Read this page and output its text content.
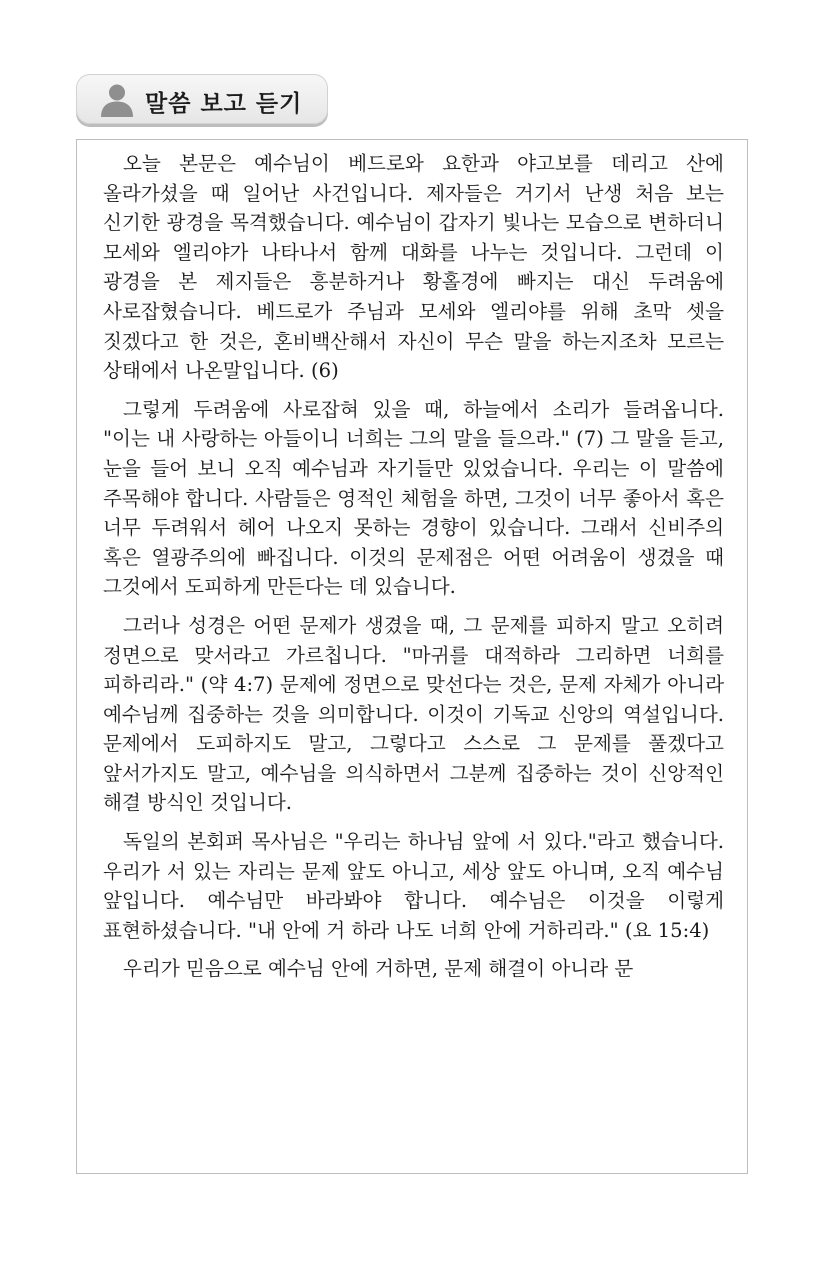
말씀 보고 듣기

오늘 본문은 예수님이 베드로와 요한과 야고보를 데리고 산에 올라가셨을 때 일어난 사건입니다. 제자들은 거기서 난생 처음 보는 신기한 광경을 목격했습니다. 예수님이 갑자기 빛나는 모습으로 변하더니 모세와 엘리야가 나타나서 함께 대화를 나누는 것입니다. 그런데 이 광경을 본 제지들은 흥분하거나 황홀경에 빠지는 대신 두려움에 사로잡혔습니다. 베드로가 주님과 모세와 엘리야를 위해 초막 셋을 짓겠다고 한 것은, 혼비백산해서 자신이 무슨 말을 하는지조차 모르는 상태에서 나온말입니다. (6)

그렇게 두려움에 사로잡혀 있을 때, 하늘에서 소리가 들려옵니다. "이는 내 사랑하는 아들이니 너희는 그의 말을 들으라." (7) 그 말을 듣고, 눈을 들어 보니 오직 예수님과 자기들만 있었습니다. 우리는 이 말씀에 주목해야 합니다. 사람들은 영적인 체험을 하면, 그것이 너무 좋아서 혹은 너무 두려워서 헤어 나오지 못하는 경향이 있습니다. 그래서 신비주의 혹은 열광주의에 빠집니다. 이것의 문제점은 어떤 어려움이 생겼을 때 그것에서 도피하게 만든다는 데 있습니다.

그러나 성경은 어떤 문제가 생겼을 때, 그 문제를 피하지 말고 오히려 정면으로 맞서라고 가르칩니다. "마귀를 대적하라 그리하면 너희를 피하리라." (약 4:7) 문제에 정면으로 맞선다는 것은, 문제 자체가 아니라 예수님께 집중하는 것을 의미합니다. 이것이 기독교 신앙의 역설입니다. 문제에서 도피하지도 말고, 그렇다고 스스로 그 문제를 풀겠다고 앞서가지도 말고, 예수님을 의식하면서 그분께 집중하는 것이 신앙적인 해결 방식인 것입니다.

독일의 본회퍼 목사님은 "우리는 하나님 앞에 서 있다."라고 했습니다. 우리가 서 있는 자리는 문제 앞도 아니고, 세상 앞도 아니며, 오직 예수님 앞입니다. 예수님만 바라봐야 합니다. 예수님은 이것을 이렇게 표현하셨습니다. "내 안에 거 하라 나도 너희 안에 거하리라." (요 15:4)

우리가 믿음으로 예수님 안에 거하면, 문제 해결이 아니라 문
